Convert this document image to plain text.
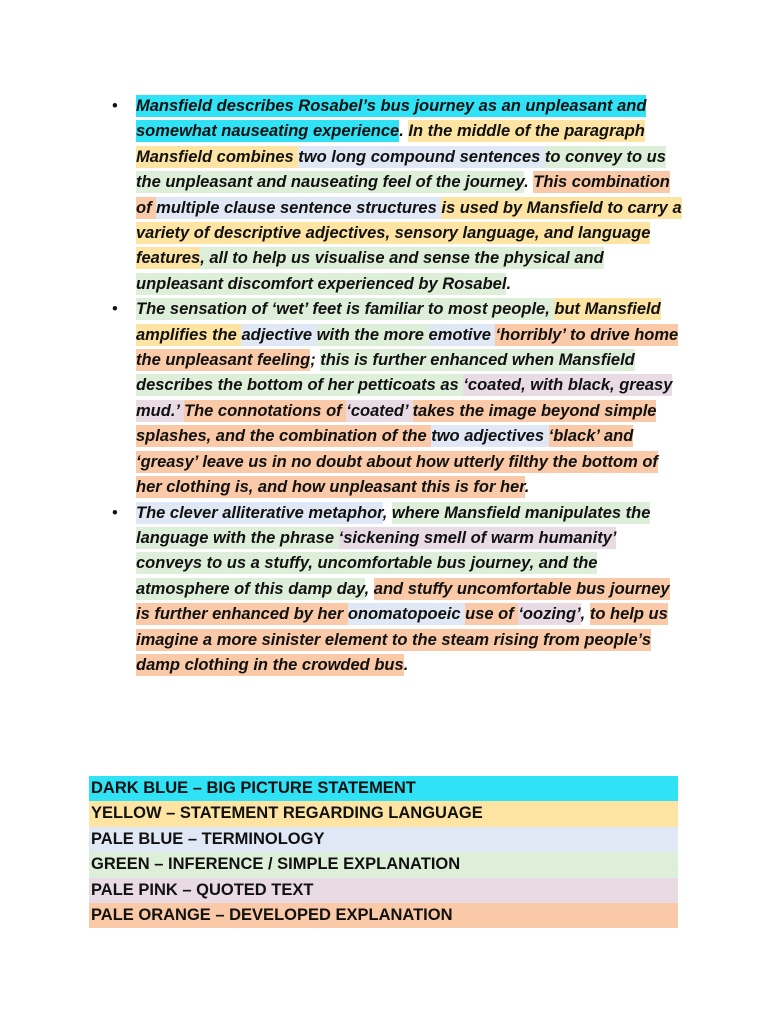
• Mansfield describes Rosabel’s bus journey as an unpleasant and somewhat nauseating experience. In the middle of the paragraph Mansfield combines two long compound sentences to convey to us the unpleasant and nauseating feel of the journey. This combination of multiple clause sentence structures is used by Mansfield to carry a variety of descriptive adjectives, sensory language, and language features, all to help us visualise and sense the physical and unpleasant discomfort experienced by Rosabel.
• The sensation of ‘wet’ feet is familiar to most people, but Mansfield amplifies the adjective with the more emotive ‘horribly’ to drive home the unpleasant feeling; this is further enhanced when Mansfield describes the bottom of her petticoats as ‘coated, with black, greasy mud.’ The connotations of ‘coated’ takes the image beyond simple splashes, and the combination of the two adjectives ‘black’ and ‘greasy’ leave us in no doubt about how utterly filthy the bottom of her clothing is, and how unpleasant this is for her.
• The clever alliterative metaphor, where Mansfield manipulates the language with the phrase ‘sickening smell of warm humanity’ conveys to us a stuffy, uncomfortable bus journey, and the atmosphere of this damp day, and stuffy uncomfortable bus journey is further enhanced by her onomatopoeic use of ‘oozing’, to help us imagine a more sinister element to the steam rising from people’s damp clothing in the crowded bus.
DARK BLUE – BIG PICTURE STATEMENT
YELLOW – STATEMENT REGARDING LANGUAGE
PALE BLUE – TERMINOLOGY
GREEN – INFERENCE / SIMPLE EXPLANATION
PALE PINK – QUOTED TEXT
PALE ORANGE – DEVELOPED EXPLANATION
